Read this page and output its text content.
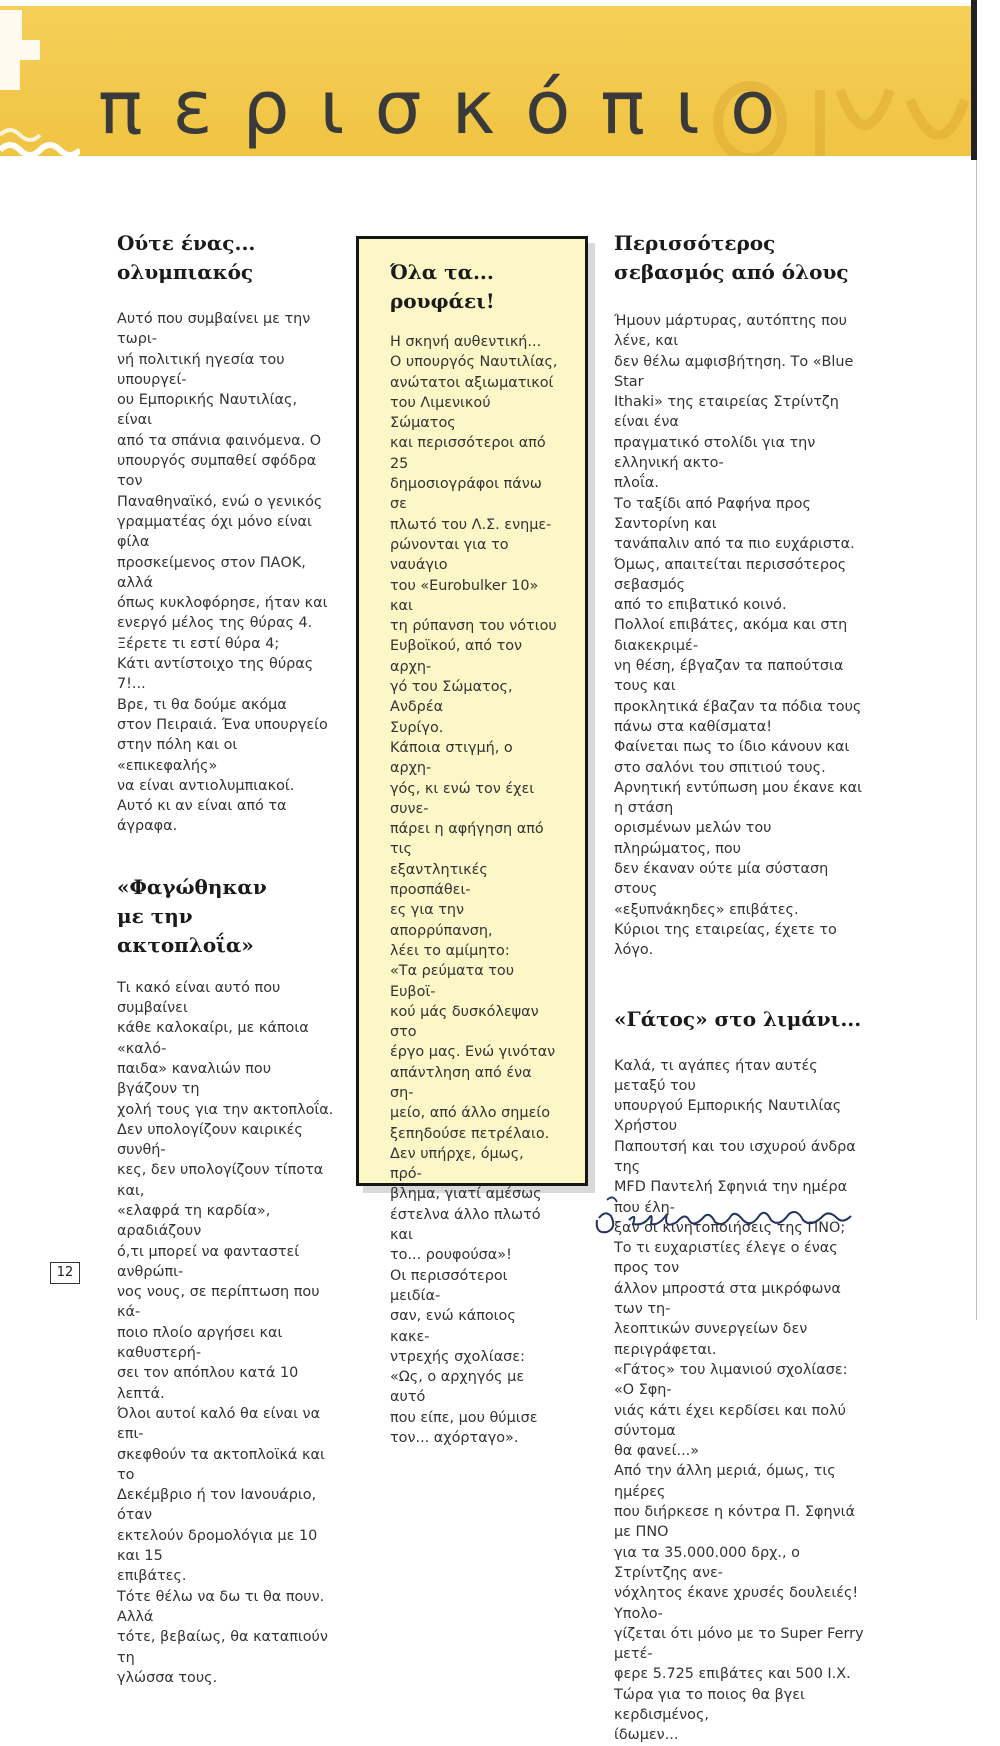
περισκόπιο
Ούτε ένας...
ολυμπιακός

Αυτό που συμβαίνει με την τωρι-

νή πολιτική ηγεσία του υπουργεί-

ου Εμπορικής Ναυτιλίας, είναι

από τα σπάνια φαινόμενα. Ο

υπουργός συμπαθεί σφόδρα τον

Παναθηναϊκό, ενώ ο γενικός

γραμματέας όχι μόνο είναι φίλα

προσκείμενος στον ΠΑΟΚ, αλλά

όπως κυκλοφόρησε, ήταν και

ενεργό μέλος της θύρας 4.

Ξέρετε τι εστί θύρα 4;

Κάτι αντίστοιχο της θύρας 7!...

Βρε, τι θα δούμε ακόμα

στον Πειραιά. Ένα υπουργείο

στην πόλη και οι «επικεφαλής»

να είναι αντιολυμπιακοί.

Αυτό κι αν είναι από τα άγραφα.

«Φαγώθηκαν
με την ακτοπλοΐα»

Τι κακό είναι αυτό που συμβαίνει

κάθε καλοκαίρι, με κάποια «καλό-

παιδα» καναλιών που βγάζουν τη

χολή τους για την ακτοπλοΐα.

Δεν υπολογίζουν καιρικές συνθή-

κες, δεν υπολογίζουν τίποτα και,

«ελαφρά τη καρδία», αραδιάζουν

ό,τι μπορεί να φανταστεί ανθρώπι-

νος νους, σε περίπτωση που κά-

ποιο πλοίο αργήσει και καθυστερή-

σει τον απόπλου κατά 10 λεπτά.

Όλοι αυτοί καλό θα είναι να επι-

σκεφθούν τα ακτοπλοϊκά και το

Δεκέμβριο ή τον Ιανουάριο, όταν

εκτελούν δρομολόγια με 10 και 15

επιβάτες.

Τότε θέλω να δω τι θα πουν. Αλλά

τότε, βεβαίως, θα καταπιούν τη

γλώσσα τους.

Όλα τα...
ρουφάει!

Η σκηνή αυθεντική...

Ο υπουργός Ναυτιλίας,

ανώτατοι αξιωματικοί

του Λιμενικού Σώματος

και περισσότεροι από 25

δημοσιογράφοι πάνω σε

πλωτό του Λ.Σ. ενημε-

ρώνονται για το ναυάγιο

του «Eurobulker 10» και

τη ρύπανση του νότιου

Ευβοϊκού, από τον αρχη-

γό του Σώματος, Ανδρέα

Συρίγο.

Κάποια στιγμή, ο αρχη-

γός, κι ενώ τον έχει συνε-

πάρει η αφήγηση από τις

εξαντλητικές προσπάθει-

ες για την απορρύπανση,

λέει το αμίμητο:

«Τα ρεύματα του Ευβοϊ-

κού μάς δυσκόλεψαν στο

έργο μας. Ενώ γινόταν

απάντληση από ένα ση-

μείο, από άλλο σημείο

ξεπηδούσε πετρέλαιο.

Δεν υπήρχε, όμως, πρό-

βλημα, γιατί αμέσως

έστελνα άλλο πλωτό και

το... ρουφούσα»!

Οι περισσότεροι μειδία-

σαν, ενώ κάποιος κακε-

ντρεχής σχολίασε:

«Ως, ο αρχηγός με αυτό

που είπε, μου θύμισε

τον... αχόρταγο».

Περισσότερος
σεβασμός από όλους

Ήμουν μάρτυρας, αυτόπτης που λένε, και

δεν θέλω αμφισβήτηση. Το «Blue Star

Ithaki» της εταιρείας Στρίντζη είναι ένα

πραγματικό στολίδι για την ελληνική ακτο-

πλοΐα.

Το ταξίδι από Ραφήνα προς Σαντορίνη και

τανάπαλιν από τα πιο ευχάριστα.

Όμως, απαιτείται περισσότερος σεβασμός

από το επιβατικό κοινό.

Πολλοί επιβάτες, ακόμα και στη διακεκριμέ-

νη θέση, έβγαζαν τα παπούτσια τους και

προκλητικά έβαζαν τα πόδια τους

πάνω στα καθίσματα!

Φαίνεται πως το ίδιο κάνουν και

στο σαλόνι του σπιτιού τους.

Αρνητική εντύπωση μου έκανε και η στάση

ορισμένων μελών του πληρώματος, που

δεν έκαναν ούτε μία σύσταση στους

«εξυπνάκηδες» επιβάτες.

Κύριοι της εταιρείας, έχετε το λόγο.

«Γάτος» στο λιμάνι...

Καλά, τι αγάπες ήταν αυτές μεταξύ του

υπουργού Εμπορικής Ναυτιλίας Χρήστου

Παπουτσή και του ισχυρού άνδρα της

MFD Παντελή Σφηνιά την ημέρα που έλη-

ξαν οι κινητοποιήσεις της ΠΝΟ;

Το τι ευχαριστίες έλεγε ο ένας προς τον

άλλον μπροστά στα μικρόφωνα των τη-

λεοπτικών συνεργείων δεν περιγράφεται.

«Γάτος» του λιμανιού σχολίασε: «Ο Σφη-

νιάς κάτι έχει κερδίσει και πολύ σύντομα

θα φανεί...»

Από την άλλη μεριά, όμως, τις ημέρες

που διήρκεσε η κόντρα Π. Σφηνιά με ΠΝΟ

για τα 35.000.000 δρχ., ο Στρίντζης ανε-

νόχλητος έκανε χρυσές δουλειές! Υπολο-

γίζεται ότι μόνο με το Super Ferry μετέ-

φερε 5.725 επιβάτες και 500 Ι.Χ.

Τώρα για το ποιος θα βγει κερδισμένος,

ίδωμεν...

12
